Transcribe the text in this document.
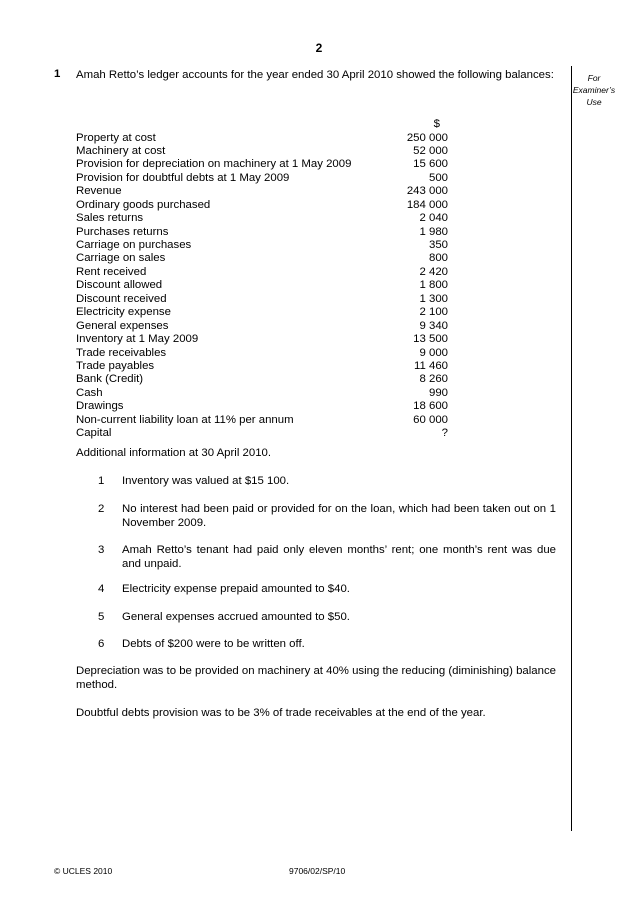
2
1 Amah Retto’s ledger accounts for the year ended 30 April 2010 showed the following balances:	For
Examiner’s
Use
$
Property at cost	250 000
Machinery at cost	52 000
Provision for depreciation on machinery at 1 May 2009	15 600
Provision for doubtful debts at 1 May 2009	500
Revenue	243 000
Ordinary goods purchased	184 000
Sales returns	2 040
Purchases returns	1 980
Carriage on purchases	350
Carriage on sales	800
Rent received	2 420
Discount allowed	1 800
Discount received	1 300
Electricity expense	2 100
General expenses	9 340
Inventory at 1 May 2009	13 500
Trade receivables	9 000
Trade payables	11 460
Bank (Credit)	8 260
Cash	990
Drawings	18 600
Non-current liability loan at 11% per annum	60 000
Capital	?
Additional information at 30 April 2010.
1	Inventory was valued at $15 100.
2	No interest had been paid or provided for on the loan, which had been taken out on 1 November 2009.
3	Amah Retto’s tenant had paid only eleven months’ rent; one month’s rent was due and unpaid.
4	Electricity expense prepaid amounted to $40.
5	General expenses accrued amounted to $50.
6	Debts of $200 were to be written off.
Depreciation was to be provided on machinery at 40% using the reducing (diminishing) balance method.
Doubtful debts provision was to be 3% of trade receivables at the end of the year.
© UCLES 2010	9706/02/SP/10
